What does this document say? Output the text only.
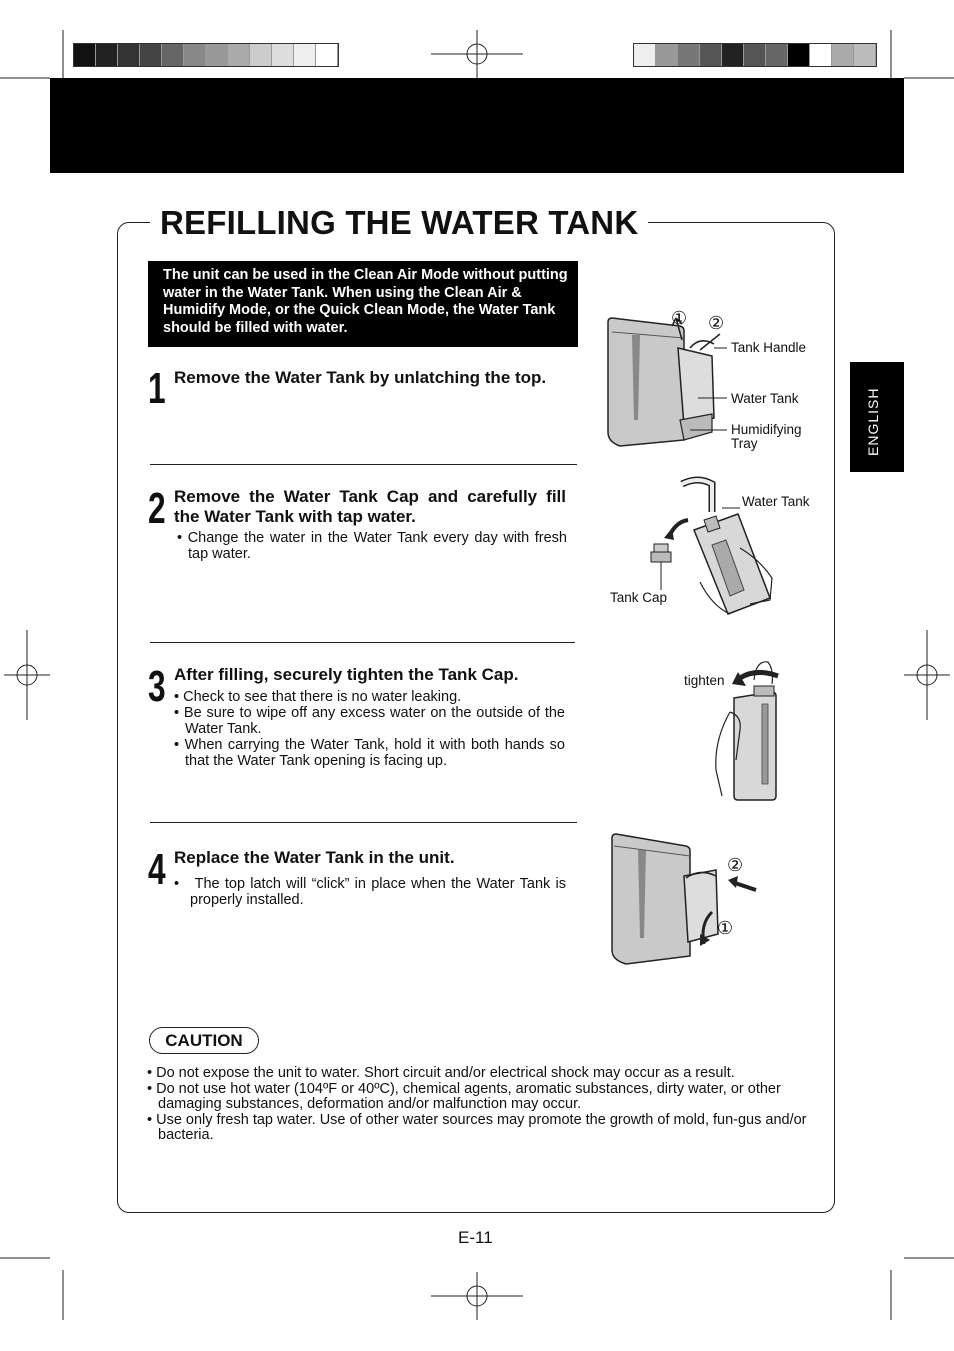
REFILLING THE WATER TANK
ENGLISH
The unit can be used in the Clean Air Mode without putting water in the Water Tank. When using the Clean Air & Humidify Mode, or the Quick Clean Mode, the Water Tank should be filled with water.
1 Remove the Water Tank by unlatching the top.
2 Remove the Water Tank Cap and carefully fill the Water Tank with tap water.
• Change the water in the Water Tank every day with fresh tap water.
3 After filling, securely tighten the Tank Cap.
• Check to see that there is no water leaking.
• Be sure to wipe off any excess water on the outside of the Water Tank.
• When carrying the Water Tank, hold it with both hands so that the Water Tank opening is facing up.
4 Replace the Water Tank in the unit.
•   The top latch will “click” in place when the Water Tank is properly installed.
① ②
Tank Handle
Water Tank
Humidifying
Tray
Water Tank
Tank Cap
tighten
②
①
CAUTION
• Do not expose the unit to water. Short circuit and/or electrical shock may occur as a result.
• Do not use hot water (104ºF or 40ºC), chemical agents, aromatic substances, dirty water, or other damaging substances, deformation and/or malfunction may occur.
• Use only fresh tap water. Use of other water sources may promote the growth of mold, fun-gus and/or bacteria.
E-11
